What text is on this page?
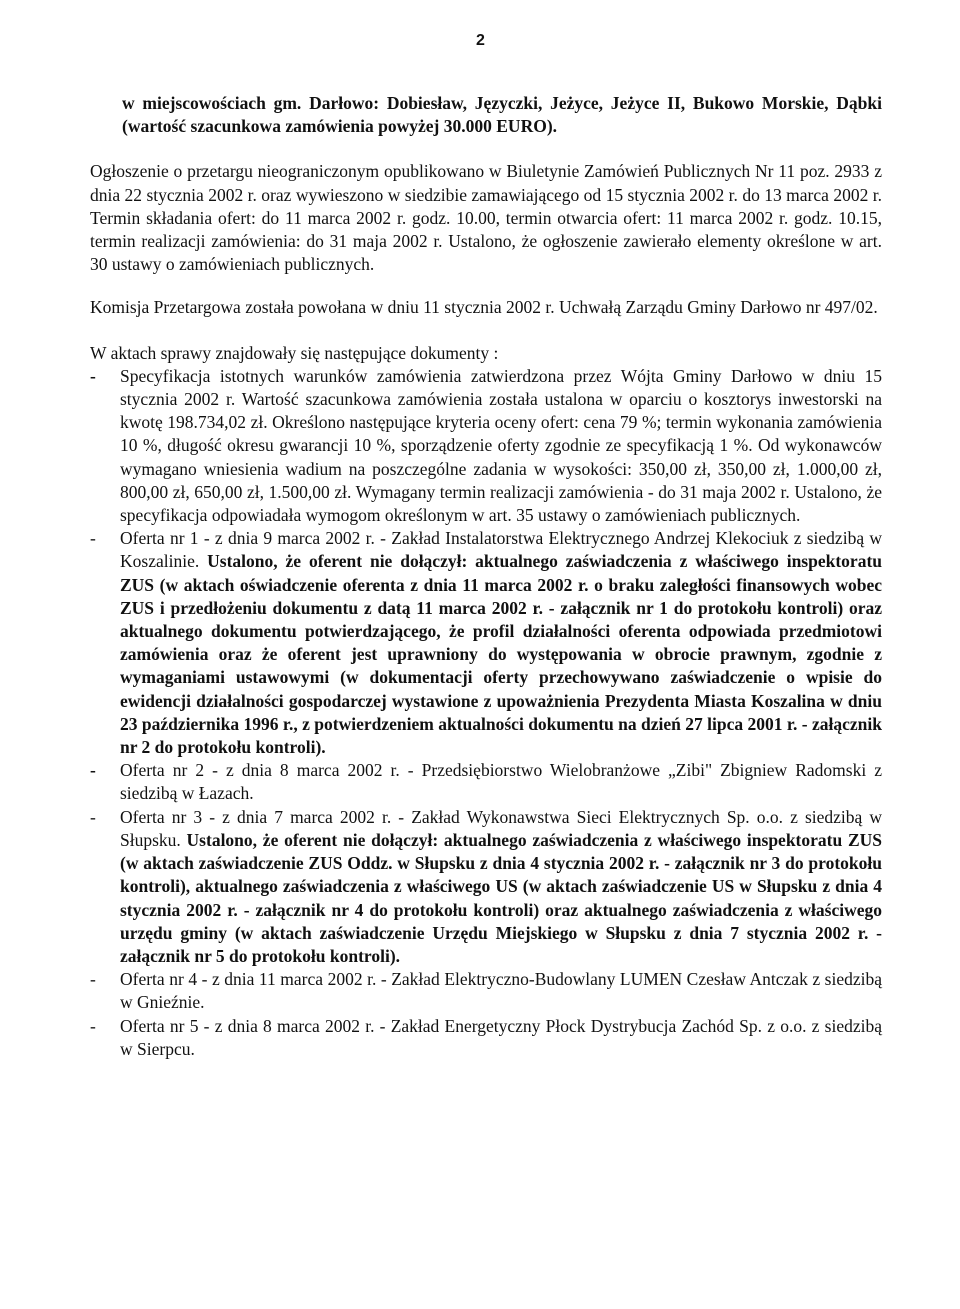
2

w miejscowościach gm. Darłowo: Dobiesław, Języczki, Jeżyce, Jeżyce II, Bukowo Morskie, Dąbki (wartość szacunkowa zamówienia powyżej 30.000 EURO).

Ogłoszenie o przetargu nieograniczonym opublikowano w Biuletynie Zamówień Publicznych Nr 11 poz. 2933 z dnia 22 stycznia 2002 r. oraz wywieszono w siedzibie zamawiającego od 15 stycznia 2002 r. do 13 marca 2002 r. Termin składania ofert: do 11 marca 2002 r. godz. 10.00, termin otwarcia ofert: 11 marca 2002 r. godz. 10.15, termin realizacji zamówienia: do 31 maja 2002 r. Ustalono, że ogłoszenie zawierało elementy określone w art. 30 ustawy o zamówieniach publicznych.

Komisja Przetargowa została powołana w dniu 11 stycznia 2002 r. Uchwałą Zarządu Gminy Darłowo nr 497/02.

W aktach sprawy znajdowały się następujące dokumenty :

- Specyfikacja istotnych warunków zamówienia zatwierdzona przez Wójta Gminy Darłowo w dniu 15 stycznia 2002 r. Wartość szacunkowa zamówienia została ustalona w oparciu o kosztorys inwestorski na kwotę 198.734,02 zł. Określono następujące kryteria oceny ofert: cena 79 %; termin wykonania zamówienia 10 %, długość okresu gwarancji 10 %, sporządzenie oferty zgodnie ze specyfikacją 1 %. Od wykonawców wymagano wniesienia wadium na poszczególne zadania w wysokości: 350,00 zł, 350,00 zł, 1.000,00 zł, 800,00 zł, 650,00 zł, 1.500,00 zł. Wymagany termin realizacji zamówienia - do 31 maja 2002 r. Ustalono, że specyfikacja odpowiadała wymogom określonym w art. 35 ustawy o zamówieniach publicznych.
- Oferta nr 1 - z dnia 9 marca 2002 r. - Zakład Instalatorstwa Elektrycznego Andrzej Klekociuk z siedzibą w Koszalinie. Ustalono, że oferent nie dołączył: aktualnego zaświadczenia z właściwego inspektoratu ZUS (w aktach oświadczenie oferenta z dnia 11 marca 2002 r. o braku zaległości finansowych wobec ZUS i przedłożeniu dokumentu z datą 11 marca 2002 r. - załącznik nr 1 do protokołu kontroli) oraz aktualnego dokumentu potwierdzającego, że profil działalności oferenta odpowiada przedmiotowi zamówienia oraz że oferent jest uprawniony do występowania w obrocie prawnym, zgodnie z wymaganiami ustawowymi (w dokumentacji oferty przechowywano zaświadczenie o wpisie do ewidencji działalności gospodarczej wystawione z upoważnienia Prezydenta Miasta Koszalina w dniu 23 października 1996 r., z potwierdzeniem aktualności dokumentu na dzień 27 lipca 2001 r. - załącznik nr 2 do protokołu kontroli).
- Oferta nr 2 - z dnia 8 marca 2002 r. - Przedsiębiorstwo Wielobranżowe „Zibi" Zbigniew Radomski z siedzibą w Łazach.
- Oferta nr 3 - z dnia 7 marca 2002 r. - Zakład Wykonawstwa Sieci Elektrycznych Sp. o.o. z siedzibą w Słupsku. Ustalono, że oferent nie dołączył: aktualnego zaświadczenia z właściwego inspektoratu ZUS (w aktach zaświadczenie ZUS Oddz. w Słupsku z dnia 4 stycznia 2002 r. - załącznik nr 3 do protokołu kontroli), aktualnego zaświadczenia z właściwego US (w aktach zaświadczenie US w Słupsku z dnia 4 stycznia 2002 r. - załącznik nr 4 do protokołu kontroli) oraz aktualnego zaświadczenia z właściwego urzędu gminy (w aktach zaświadczenie Urzędu Miejskiego w Słupsku z dnia 7 stycznia 2002 r. - załącznik nr 5 do protokołu kontroli).
- Oferta nr 4 - z dnia 11 marca 2002 r. - Zakład Elektryczno-Budowlany LUMEN Czesław Antczak z siedzibą w Gnieźnie.
- Oferta nr 5 - z dnia 8 marca 2002 r. - Zakład Energetyczny Płock Dystrybucja Zachód Sp. z o.o. z siedzibą w Sierpcu.
